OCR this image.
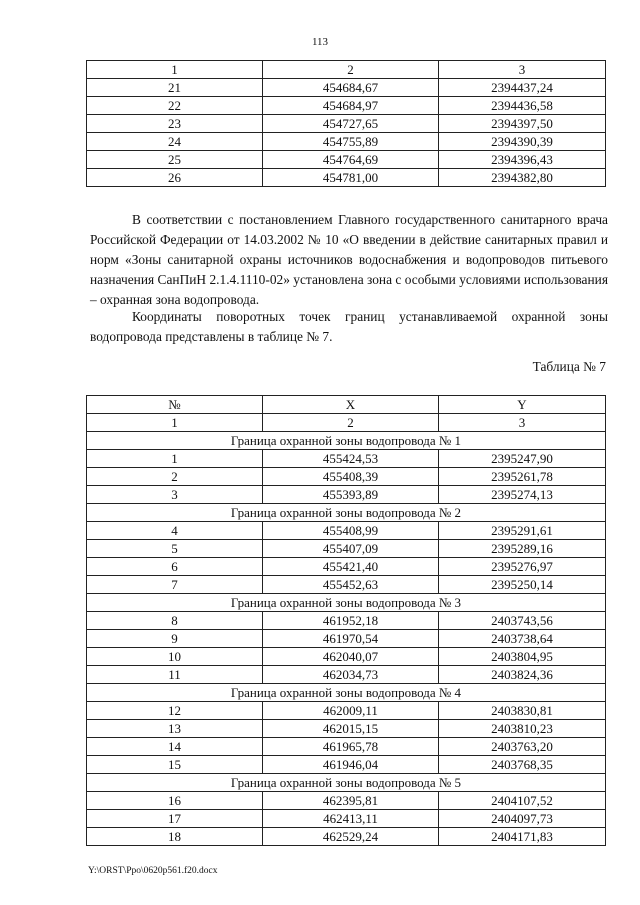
113
1	2	3
21	454684,67	2394437,24
22	454684,97	2394436,58
23	454727,65	2394397,50
24	454755,89	2394390,39
25	454764,69	2394396,43
26	454781,00	2394382,80

В соответствии с постановлением Главного государственного санитарного врача Российской Федерации от 14.03.2002 № 10 «О введении в действие санитарных правил и норм «Зоны санитарной охраны источников водоснабжения и водопроводов питьевого назначения СанПиН 2.1.4.1110-02» установлена зона с особыми условиями использования – охранная зона водопровода.

Координаты поворотных точек границ устанавливаемой охранной зоны водопровода представлены в таблице № 7.

Таблица № 7
№	X	Y
1	2	3
Граница охранной зоны водопровода № 1		
1	455424,53	2395247,90
2	455408,39	2395261,78
3	455393,89	2395274,13
Граница охранной зоны водопровода № 2		
4	455408,99	2395291,61
5	455407,09	2395289,16
6	455421,40	2395276,97
7	455452,63	2395250,14
Граница охранной зоны водопровода № 3		
8	461952,18	2403743,56
9	461970,54	2403738,64
10	462040,07	2403804,95
11	462034,73	2403824,36
Граница охранной зоны водопровода № 4		
12	462009,11	2403830,81
13	462015,15	2403810,23
14	461965,78	2403763,20
15	461946,04	2403768,35
Граница охранной зоны водопровода № 5		
16	462395,81	2404107,52
17	462413,11	2404097,73
18	462529,24	2404171,83
Y:\ORST\Ppo\0620p561.f20.docx
